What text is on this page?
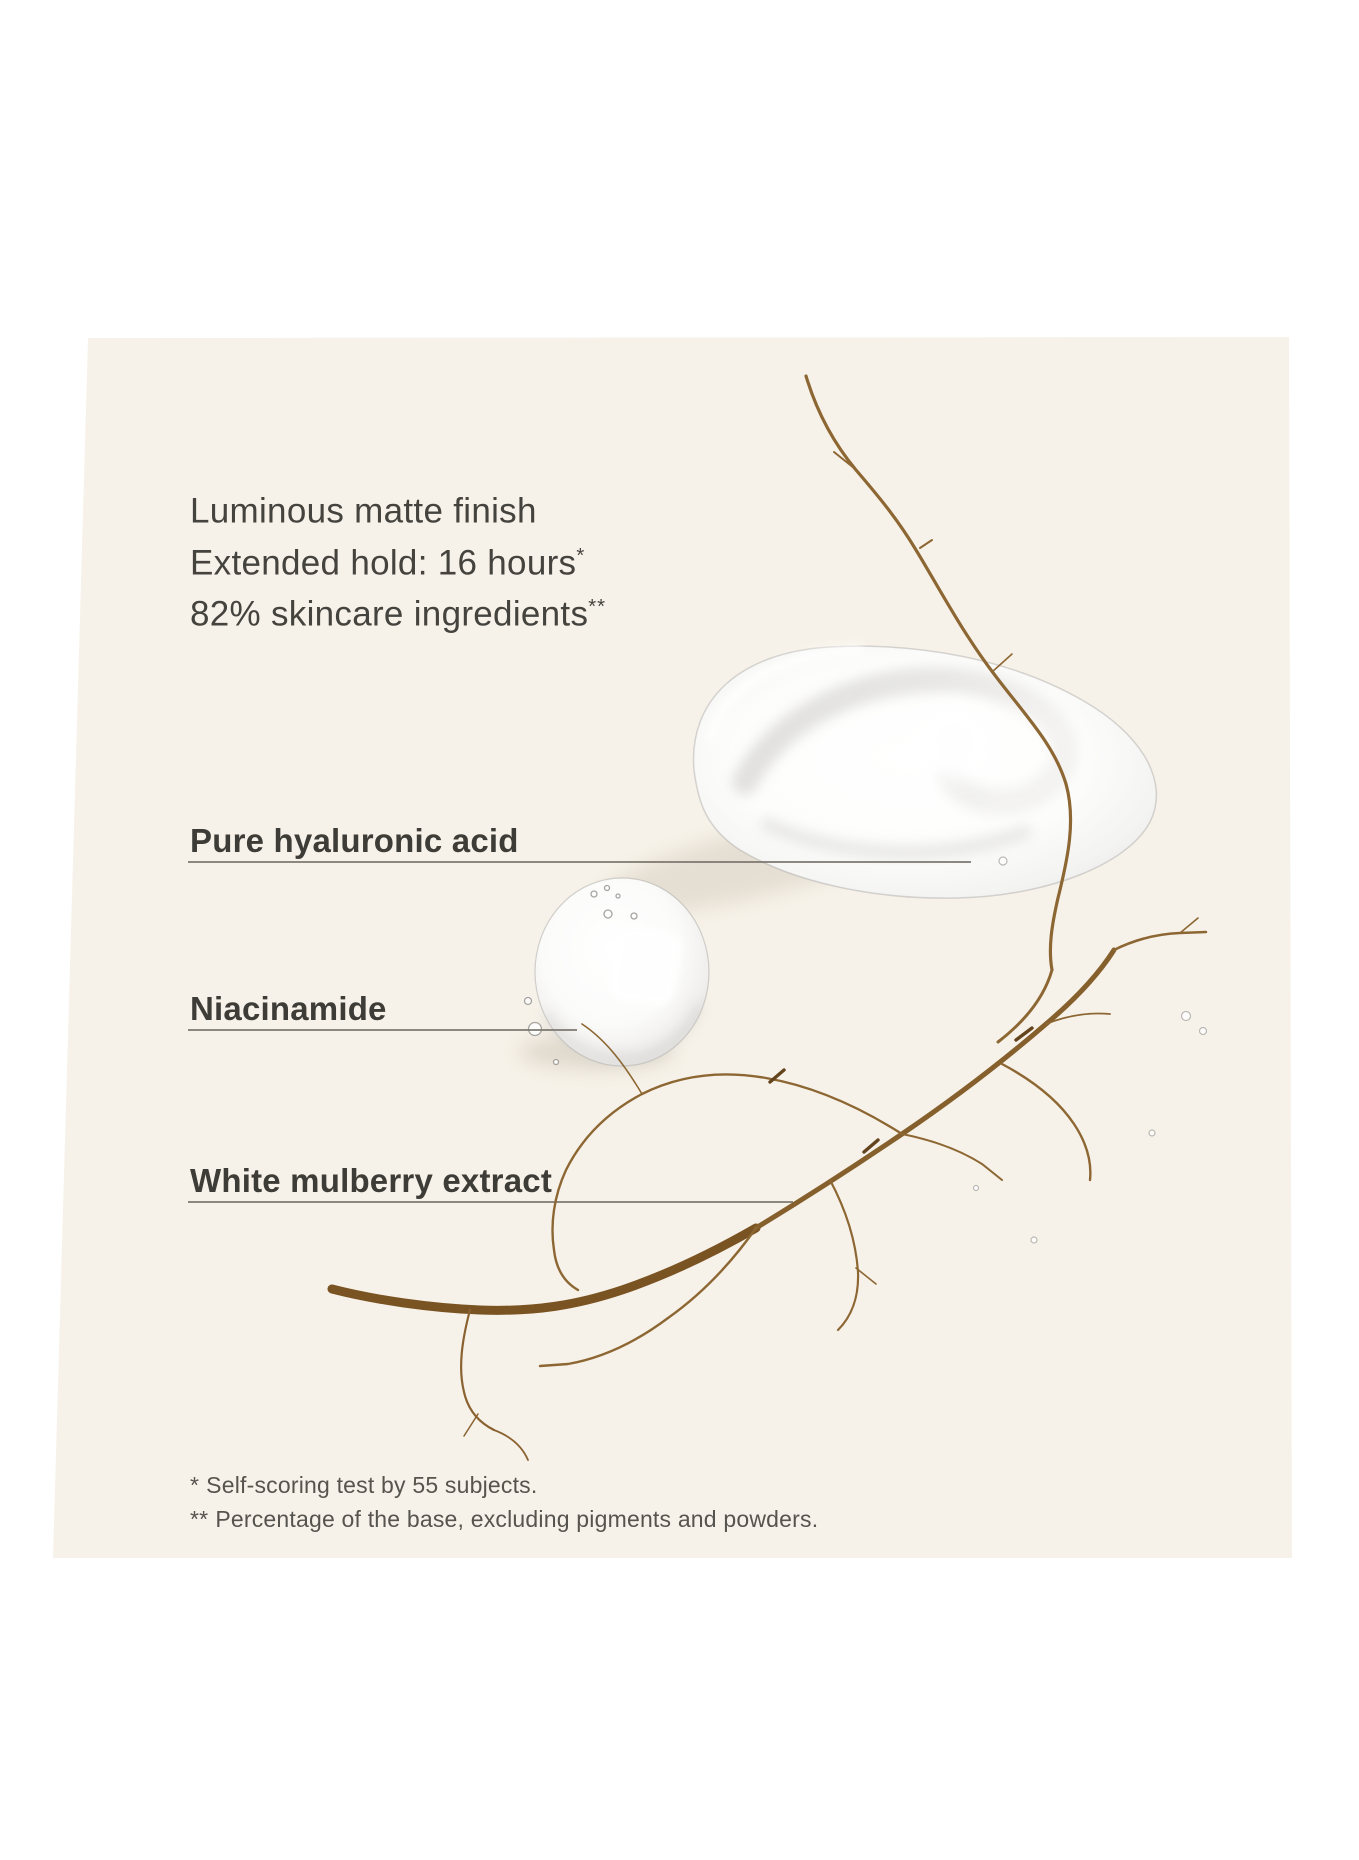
Luminous matte finish
Extended hold: 16 hours*
82% skincare ingredients**
Pure hyaluronic acid
Niacinamide
White mulberry extract
* Self-scoring test by 55 subjects.
** Percentage of the base, excluding pigments and powders.
